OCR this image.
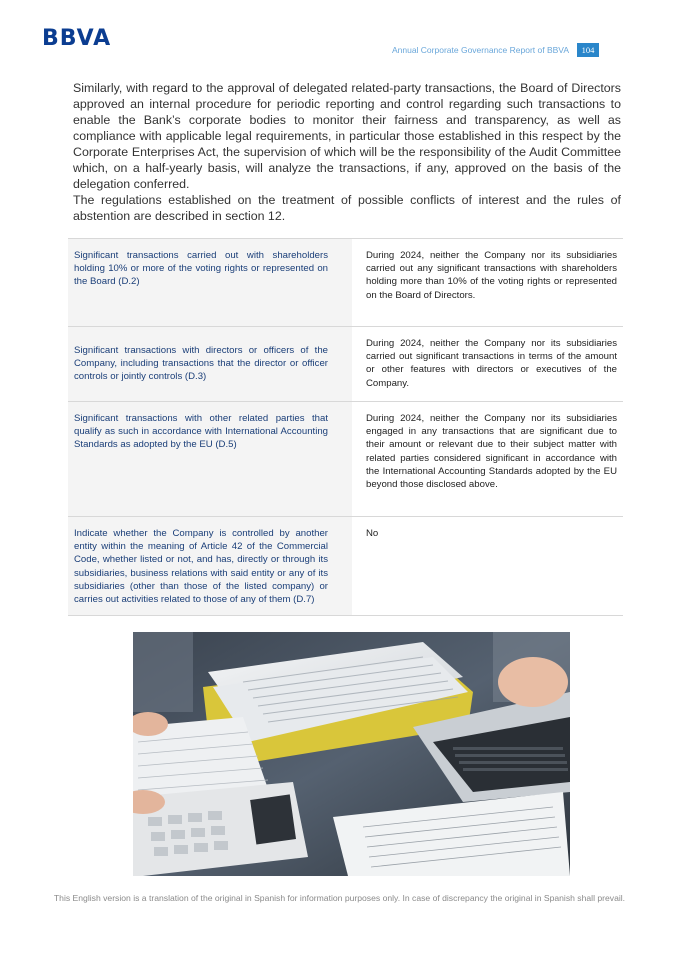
BBVA	Annual Corporate Governance Report of BBVA	104

Similarly, with regard to the approval of delegated related-party transactions, the Board of Directors approved an internal procedure for periodic reporting and control regarding such transactions to enable the Bank’s corporate bodies to monitor their fairness and transparency, as well as compliance with applicable legal requirements, in particular those established in this respect by the Corporate Enterprises Act, the supervision of which will be the responsibility of the Audit Committee which, on a half-yearly basis, will analyze the transactions, if any, approved on the basis of the delegation conferred.

The regulations established on the treatment of possible conflicts of interest and the rules of abstention are described in section 12.

Significant transactions carried out with shareholders holding 10% or more of the voting rights or represented on the Board (D.2)
During 2024, neither the Company nor its subsidiaries carried out any significant transactions with shareholders holding more than 10% of the voting rights or represented on the Board of Directors.
Significant transactions with directors or officers of the Company, including transactions that the director or officer controls or jointly controls (D.3)
During 2024, neither the Company nor its subsidiaries carried out significant transactions in terms of the amount or other features with directors or executives of the Company.
Significant transactions with other related parties that qualify as such in accordance with International Accounting Standards as adopted by the EU (D.5)
During 2024, neither the Company nor its subsidiaries engaged in any transactions that are significant due to their amount or relevant due to their subject matter with related parties considered significant in accordance with the International Accounting Standards adopted by the EU beyond those disclosed above.
Indicate whether the Company is controlled by another entity within the meaning of Article 42 of the Commercial Code, whether listed or not, and has, directly or through its subsidiaries, business relations with said entity or any of its subsidiaries (other than those of the listed company) or carries out activities related to those of any of them (D.7)
No
This English version is a translation of the original in Spanish for information purposes only. In case of discrepancy the original in Spanish shall prevail.
